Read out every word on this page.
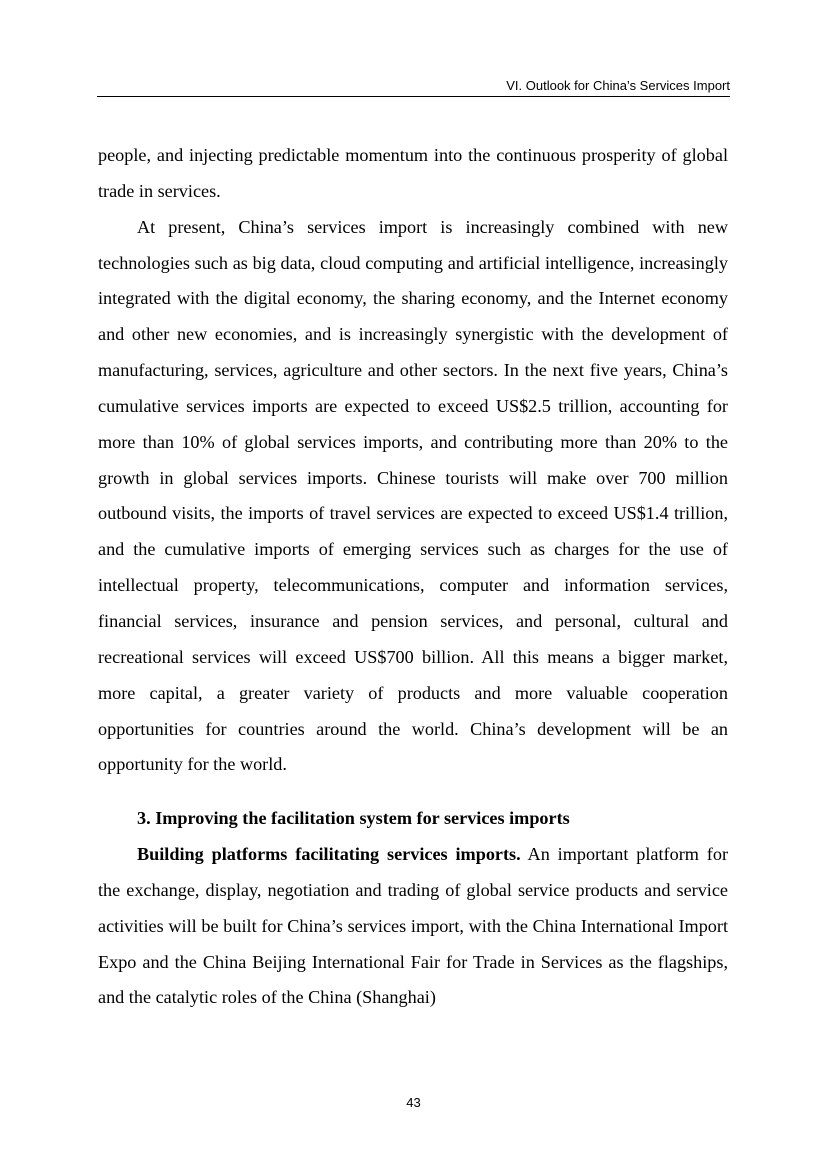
VI. Outlook for China’s Services Import

people, and injecting predictable momentum into the continuous prosperity of global trade in services.

At present, China’s services import is increasingly combined with new technologies such as big data, cloud computing and artificial intelligence, increasingly integrated with the digital economy, the sharing economy, and the Internet economy and other new economies, and is increasingly synergistic with the development of manufacturing, services, agriculture and other sectors. In the next five years, China’s cumulative services imports are expected to exceed US$2.5 trillion, accounting for more than 10% of global services imports, and contributing more than 20% to the growth in global services imports. Chinese tourists will make over 700 million outbound visits, the imports of travel services are expected to exceed US$1.4 trillion, and the cumulative imports of emerging services such as charges for the use of intellectual property, telecommunications, computer and information services, financial services, insurance and pension services, and personal, cultural and recreational services will exceed US$700 billion. All this means a bigger market, more capital, a greater variety of products and more valuable cooperation opportunities for countries around the world. China’s development will be an opportunity for the world.

3. Improving the facilitation system for services imports

Building platforms facilitating services imports. An important platform for the exchange, display, negotiation and trading of global service products and service activities will be built for China’s services import, with the China International Import Expo and the China Beijing International Fair for Trade in Services as the flagships, and the catalytic roles of the China (Shanghai)

43
